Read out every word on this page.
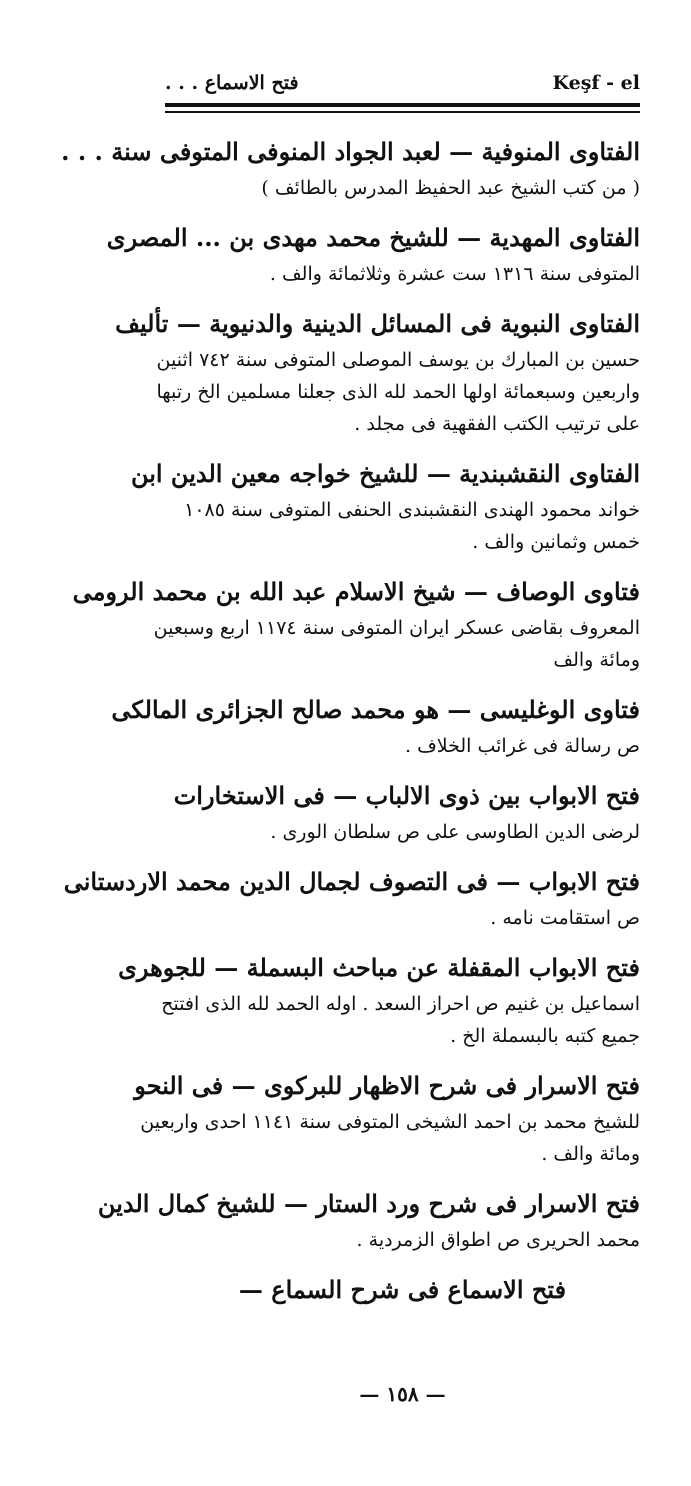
فتح الاسماع . . .	Keşf - el
الفتاوى المنوفية — لعبد الجواد المنوفى المتوفى سنة . . .
( من كتب الشيخ عبد الحفيظ المدرس بالطائف )
الفتاوى المهدية — للشيخ محمد مهدى بن ... المصرى
المتوفى سنة ١٣١٦ ست عشرة وثلاثمائة والف .
الفتاوى النبوية فى المسائل الدينية والدنيوية — تأليف
حسين بن المبارك بن يوسف الموصلى المتوفى سنة ٧٤٢ اثنين
واربعين وسبعمائة اولها الحمد لله الذى جعلنا مسلمين الخ رتبها
على ترتيب الكتب الفقهية فى مجلد .
الفتاوى النقشبندية — للشيخ خواجه معين الدين ابن
خواند محمود الهندى النقشبندى الحنفى المتوفى سنة ١٠٨٥
خمس وثمانين والف .
فتاوى الوصاف — شيخ الاسلام عبد الله بن محمد الرومى
المعروف بقاضى عسكر ايران المتوفى سنة ١١٧٤ اربع وسبعين
ومائة والف
فتاوى الوغليسى — هو محمد صالح الجزائرى المالكى
ص رسالة فى غرائب الخلاف .
فتح الابواب بين ذوى الالباب — فى الاستخارات
لرضى الدين الطاوسى على ص سلطان الورى .
فتح الابواب — فى التصوف لجمال الدين محمد الاردستانى
ص استقامت نامه .
فتح الابواب المقفلة عن مباحث البسملة — للجوهرى
اسماعيل بن غنيم ص احراز السعد . اوله الحمد لله الذى افتتح
جميع كتبه بالبسملة الخ .
فتح الاسرار فى شرح الاظهار للبركوى — فى النحو
للشيخ محمد بن احمد الشيخى المتوفى سنة ١١٤١ احدى واربعين
ومائة والف .
فتح الاسرار فى شرح ورد الستار — للشيخ كمال الدين
محمد الحريرى ص اطواق الزمردية .
فتح الاسماع فى شرح السماع —
— ١٥٨ —
